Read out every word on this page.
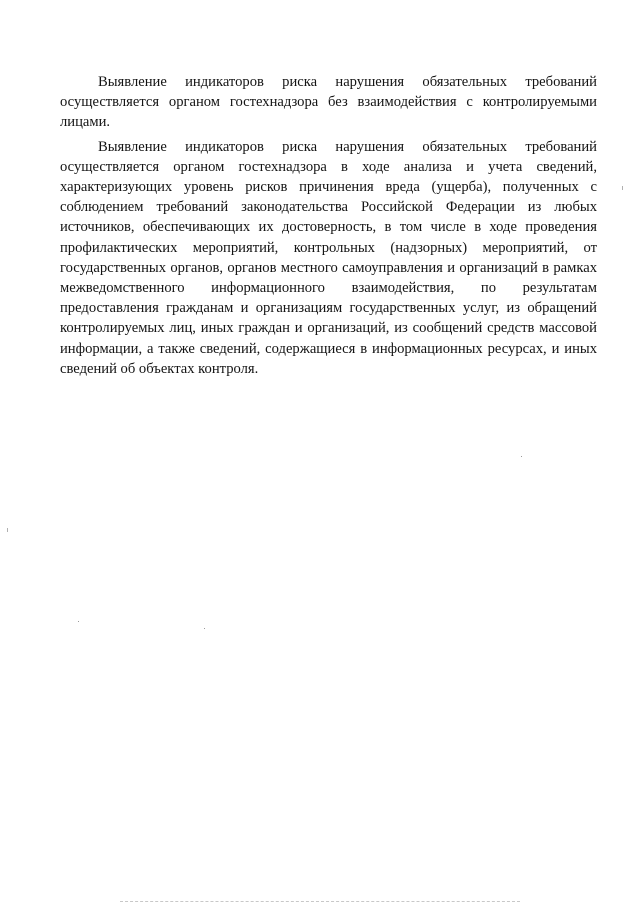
Выявление индикаторов риска нарушения обязательных требований осуществляется органом гостехнадзора без взаимодействия с контролируемыми лицами.

Выявление индикаторов риска нарушения обязательных требований осуществляется органом гостехнадзора в ходе анализа и учета сведений, характеризующих уровень рисков причинения вреда (ущерба), полученных с соблюдением требований законодательства Российской Федерации из любых источников, обеспечивающих их достоверность, в том числе в ходе проведения профилактических мероприятий, контрольных (надзорных) мероприятий, от государственных органов, органов местного самоуправления и организаций в рамках межведомственного информационного взаимодействия, по результатам предоставления гражданам и организациям государственных услуг, из обращений контролируемых лиц, иных граждан и организаций, из сообщений средств массовой информации, а также сведений, содержащиеся в информационных ресурсах, и иных сведений об объектах контроля.
